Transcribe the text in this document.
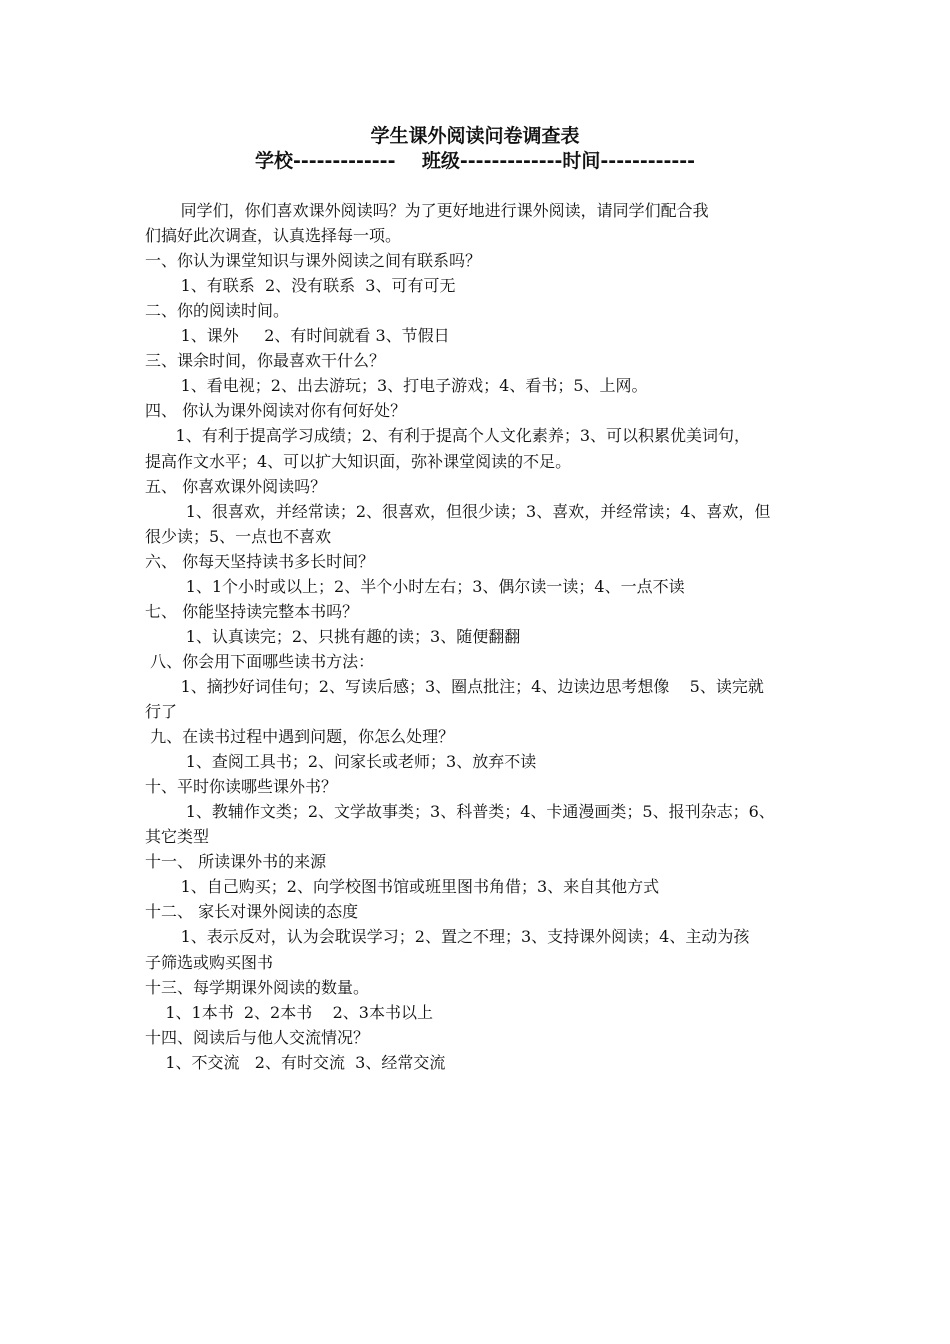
学生课外阅读问卷调查表
学校-------------    班级-------------时间------------
同学们，你们喜欢课外阅读吗？为了更好地进行课外阅读，请同学们配合我
们搞好此次调查，认真选择每一项。
一、你认为课堂知识与课外阅读之间有联系吗？
1、有联系  2、没有联系  3、可有可无
二、你的阅读时间。
1、课外     2、有时间就看 3、节假日
三、课余时间，你最喜欢干什么？
1、看电视；2、出去游玩；3、打电子游戏；4、看书；5、上网。
四、 你认为课外阅读对你有何好处？
1、有利于提高学习成绩；2、有利于提高个人文化素养；3、可以积累优美词句，
提高作文水平；4、可以扩大知识面，弥补课堂阅读的不足。
五、 你喜欢课外阅读吗？
1、很喜欢，并经常读；2、很喜欢，但很少读；3、喜欢，并经常读；4、喜欢，但
很少读；5、一点也不喜欢
六、 你每天坚持读书多长时间？
1、1个小时或以上；2、半个小时左右；3、偶尔读一读；4、一点不读
七、 你能坚持读完整本书吗？
1、认真读完；2、只挑有趣的读；3、随便翻翻
八、你会用下面哪些读书方法：
1、摘抄好词佳句；2、写读后感；3、圈点批注；4、边读边思考想像    5、读完就
行了
九、在读书过程中遇到问题，你怎么处理？
1、查阅工具书；2、问家长或老师；3、放弃不读
十、平时你读哪些课外书？
1、教辅作文类；2、文学故事类；3、科普类；4、卡通漫画类；5、报刊杂志；6、
其它类型
十一、 所读课外书的来源
1、自己购买；2、向学校图书馆或班里图书角借；3、来自其他方式
十二、 家长对课外阅读的态度
1、表示反对，认为会耽误学习；2、置之不理；3、支持课外阅读；4、主动为孩
子筛选或购买图书
十三、每学期课外阅读的数量。
1、1本书  2、2本书    2、3本书以上
十四、阅读后与他人交流情况？
1、不交流   2、有时交流  3、经常交流
